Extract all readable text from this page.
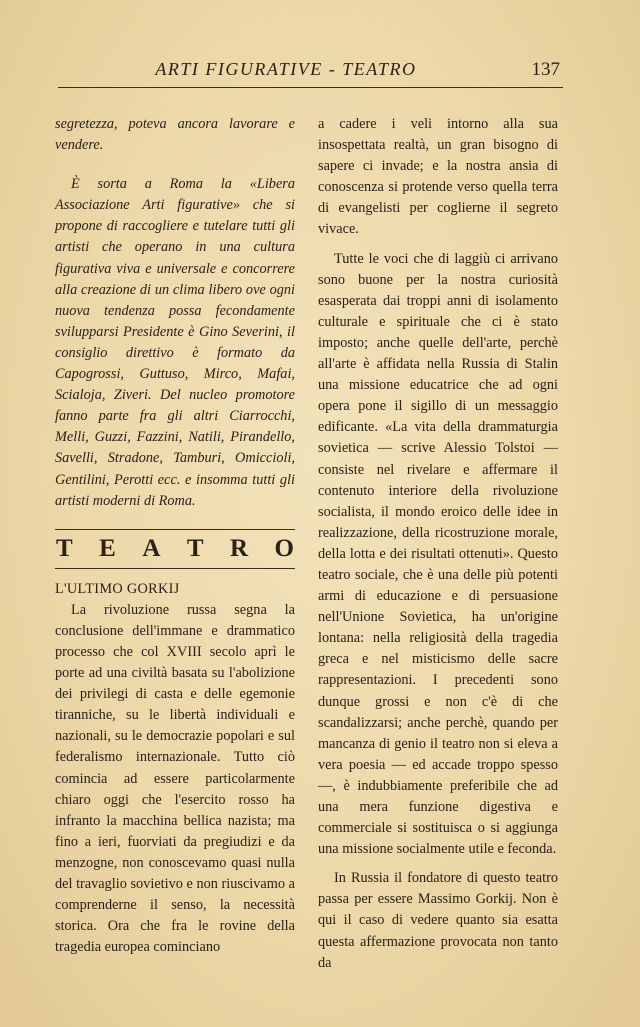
ARTI FIGURATIVE - TEATRO	137

segretezza, poteva ancora lavorare e vendere.

È sorta a Roma la «Libera Associazione Arti figurative» che si propone di raccogliere e tutelare tutti gli artisti che operano in una cultura figurativa viva e universale e concorrere alla creazione di un clima libero ove ogni nuova tendenza possa fecondamente svilupparsi Presidente è Gino Severini, il consiglio direttivo è formato da Capogrossi, Guttuso, Mirco, Mafai, Scialoja, Ziveri. Del nucleo promotore fanno parte fra gli altri Ciarrocchi, Melli, Guzzi, Fazzini, Natili, Pirandello, Savelli, Stradone, Tamburi, Omiccioli, Gentilini, Perotti ecc. e insomma tutti gli artisti moderni di Roma.

T E A T R O

L'ULTIMO GORKIJ

La rivoluzione russa segna la conclusione dell'immane e drammatico processo che col XVIII secolo aprì le porte ad una civiltà basata su l'abolizione dei privilegi di casta e delle egemonie tiranniche, su le libertà individuali e nazionali, su le democrazie popolari e sul federalismo internazionale. Tutto ciò comincia ad essere particolarmente chiaro oggi che l'esercito rosso ha infranto la macchina bellica nazista; ma fino a ieri, fuorviati da pregiudizi e da menzogne, non conoscevamo quasi nulla del travaglio sovietivo e non riuscivamo a comprenderne il senso, la necessità storica. Ora che fra le rovine della tragedia europea cominciano

a cadere i veli intorno alla sua insospettata realtà, un gran bisogno di sapere ci invade; e la nostra ansia di conoscenza si protende verso quella terra di evangelisti per coglierne il segreto vivace.

Tutte le voci che di laggiù ci arrivano sono buone per la nostra curiosità esasperata dai troppi anni di isolamento culturale e spirituale che ci è stato imposto; anche quelle dell'arte, perchè all'arte è affidata nella Russia di Stalin una missione educatrice che ad ogni opera pone il sigillo di un messaggio edificante. «La vita della drammaturgia sovietica — scrive Alessio Tolstoi — consiste nel rivelare e affermare il contenuto interiore della rivoluzione socialista, il mondo eroico delle idee in realizzazione, della ricostruzione morale, della lotta e dei risultati ottenuti». Questo teatro sociale, che è una delle più potenti armi di educazione e di persuasione nell'Unione Sovietica, ha un'origine lontana: nella religiosità della tragedia greca e nel misticismo delle sacre rappresentazioni. I precedenti sono dunque grossi e non c'è di che scandalizzarsi; anche perchè, quando per mancanza di genio il teatro non si eleva a vera poesia — ed accade troppo spesso —, è indubbiamente preferibile che ad una mera funzione digestiva e commerciale si sostituisca o si aggiunga una missione socialmente utile e feconda.

In Russia il fondatore di questo teatro passa per essere Massimo Gorkij. Non è qui il caso di vedere quanto sia esatta questa affermazione provocata non tanto da
